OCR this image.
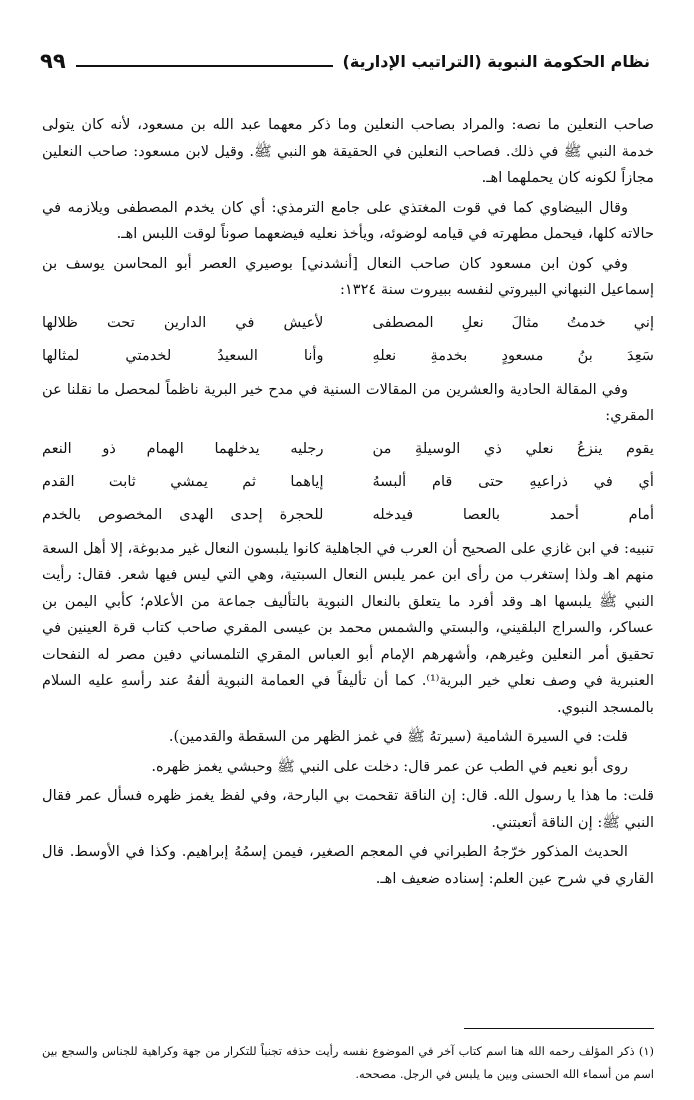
نظام الحكومة النبوية (التراتيب الإدارية)
٩٩

صاحب النعلين ما نصه: والمراد بصاحب النعلين وما ذكر معهما عبد الله بن مسعود، لأنه كان يتولى خدمة النبي ﷺ في ذلك. فصاحب النعلين في الحقيقة هو النبي ﷺ. وقيل لابن مسعود: صاحب النعلين مجازاً لكونه كان يحملهما اهـ.

وقال البيضاوي كما في قوت المغتذي على جامع الترمذي: أي كان يخدم المصطفى ويلازمه في حالاته كلها، فيحمل مطهرته في قيامه لوضوئه، ويأخذ نعليه فيضعهما صوناً لوقت اللبس اهـ.

وفي كون ابن مسعود كان صاحب النعال [أنشدني] بوصيري العصر أبو المحاسن يوسف بن إسماعيل النبهاني البيروتي لنفسه ببيروت سنة ١٣٢٤:

إني خدمتُ مثالَ نعلِ المصطفى
لأعيش في الدارين تحت ظلالها
سَعِدَ بنُ مسعودٍ بخدمةِ نعلهِ
وأنا السعيدُ لخدمتي لمثالها

وفي المقالة الحادية والعشرين من المقالات السنية في مدح خير البرية ناظماً لمحصل ما نقلنا عن المقري:

يقوم ينزعُ نعلي ذي الوسيلةِ من
رجليه يدخلهما الهمام ذو النعم
أي في ذراعيهِ حتى قام ألبسهُ
إياهما ثم يمشي ثابت القدم
أمام أحمد بالعصا فيدخله
للحجرة إحدى الهدى المخصوص بالخدم

تنبيه: في ابن غازي على الصحيح أن العرب في الجاهلية كانوا يلبسون النعال غير مدبوغة، إلا أهل السعة منهم اهـ ولذا إستغرب من رأى ابن عمر يلبس النعال السبتية، وهي التي ليس فيها شعر. فقال: رأيت النبي ﷺ يلبسها اهـ وقد أفرد ما يتعلق بالنعال النبوية بالتأليف جماعة من الأعلام؛ كأبي اليمن بن عساكر، والسراج البلقيني، والبستي والشمس محمد بن عيسى المقري صاحب كتاب قرة العينين في تحقيق أمر النعلين وغيرهم، وأشهرهم الإمام أبو العباس المقري التلمساني دفين مصر له النفحات العنبرية في وصف نعلي خير البرية⁽¹⁾. كما أن تأليفاً في العمامة النبوية ألفهُ عند رأسهِ عليه السلام بالمسجد النبوي.

قلت: في السيرة الشامية (سيرتهُ ﷺ في غمز الظهر من السقطة والقدمين).

روى أبو نعيم في الطب عن عمر قال: دخلت على النبي ﷺ وحبشي يغمز ظهره.

قلت: ما هذا يا رسول الله. قال: إن الناقة تقحمت بي البارحة، وفي لفظ يغمز ظهره فسأل عمر فقال النبي ﷺ: إن الناقة أتعبتني.

الحديث المذكور خرّجهُ الطبراني في المعجم الصغير، فيمن إسمُهُ إبراهيم. وكذا في الأوسط. قال القاري في شرح عين العلم: إسناده ضعيف اهـ.

(١) ذكر المؤلف رحمه الله هنا اسم كتاب آخر في الموضوع نفسه رأيت حذفه تجنباً للتكرار من جهة وكراهية للجناس والسجع بين اسم من أسماء الله الحسنى وبين ما يلبس في الرجل. مصححه.
